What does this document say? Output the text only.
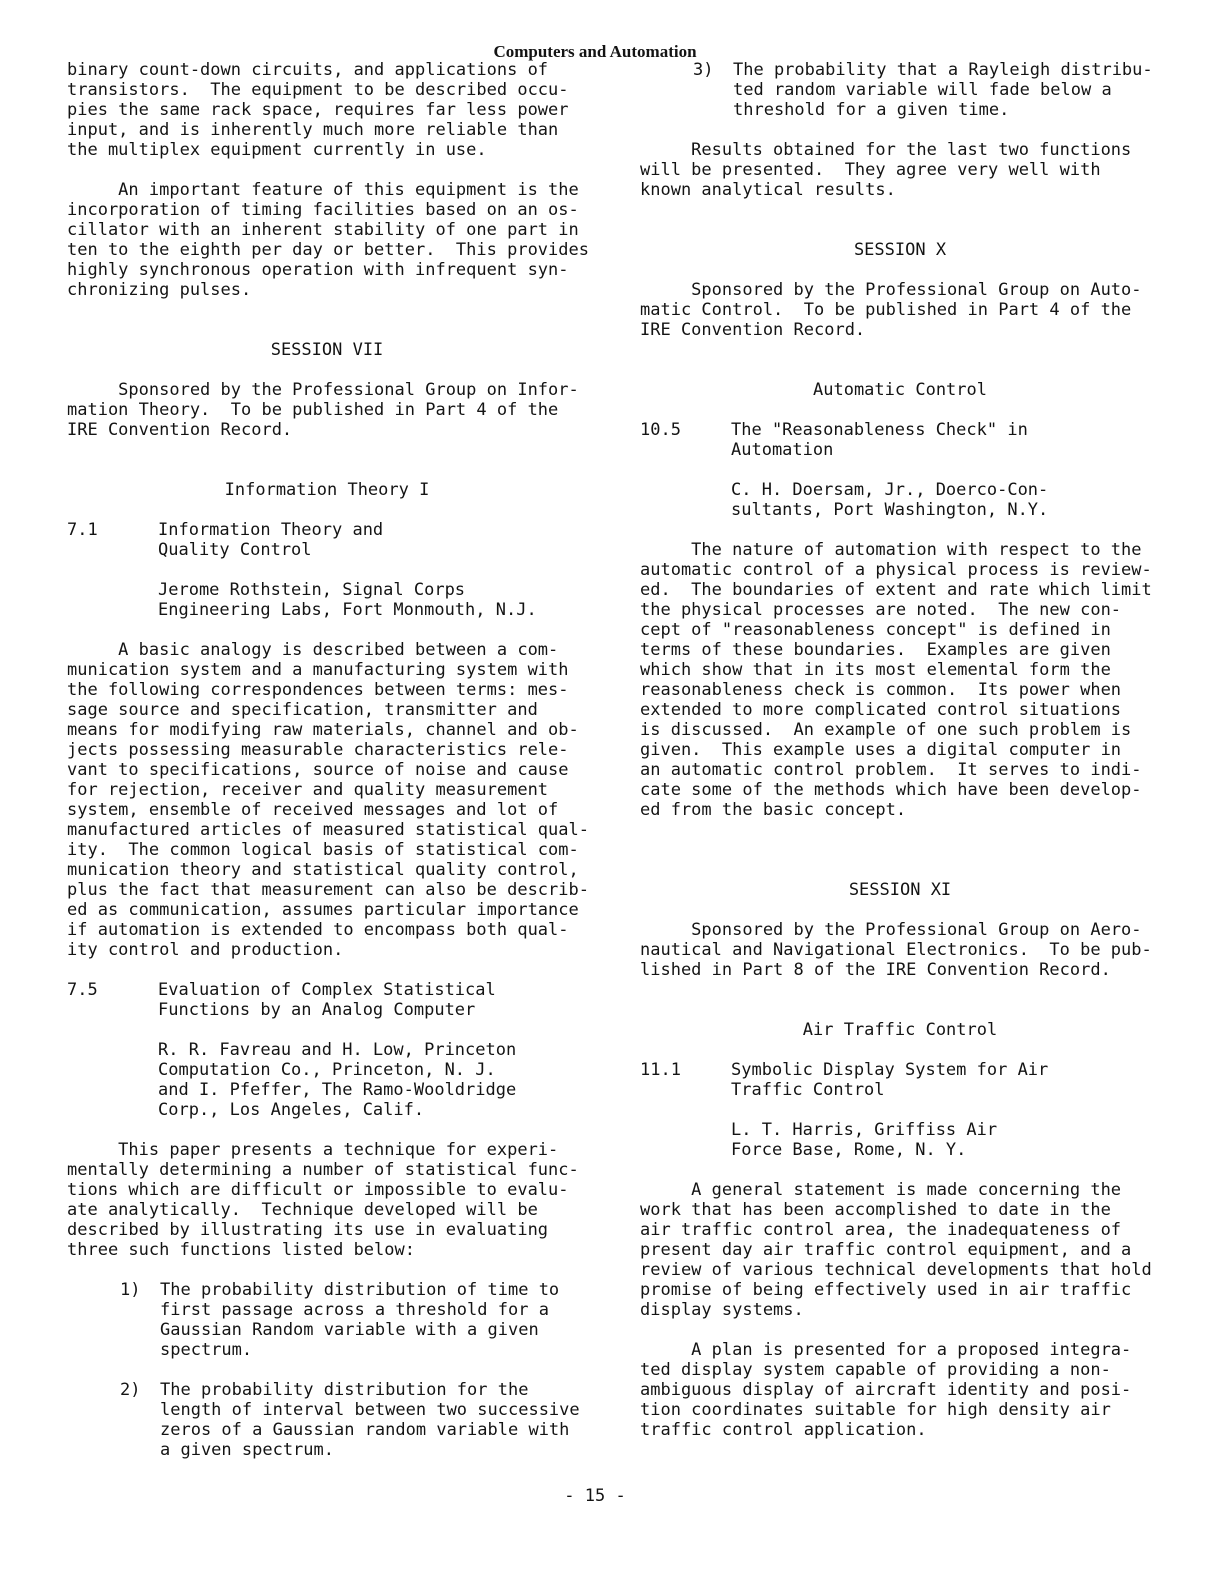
Computers and Automation

binary count-down circuits, and applications of
transistors.  The equipment to be described occu-
pies the same rack space, requires far less power
input, and is inherently much more reliable than
the multiplex equipment currently in use.

An important feature of this equipment is the
incorporation of timing facilities based on an os-
cillator with an inherent stability of one part in
ten to the eighth per day or better.  This provides
highly synchronous operation with infrequent syn-
chronizing pulses.

SESSION VII

Sponsored by the Professional Group on Infor-
mation Theory.  To be published in Part 4 of the
IRE Convention Record.

Information Theory I

7.1	Information Theory and
Quality Control

Jerome Rothstein, Signal Corps
Engineering Labs, Fort Monmouth, N.J.

A basic analogy is described between a com-
munication system and a manufacturing system with
the following correspondences between terms: mes-
sage source and specification, transmitter and
means for modifying raw materials, channel and ob-
jects possessing measurable characteristics rele-
vant to specifications, source of noise and cause
for rejection, receiver and quality measurement
system, ensemble of received messages and lot of
manufactured articles of measured statistical qual-
ity.  The common logical basis of statistical com-
munication theory and statistical quality control,
plus the fact that measurement can also be describ-
ed as communication, assumes particular importance
if automation is extended to encompass both qual-
ity control and production.

7.5	Evaluation of Complex Statistical
Functions by an Analog Computer

R. R. Favreau and H. Low, Princeton
Computation Co., Princeton, N. J.
and I. Pfeffer, The Ramo-Wooldridge
Corp., Los Angeles, Calif.

This paper presents a technique for experi-
mentally determining a number of statistical func-
tions which are difficult or impossible to evalu-
ate analytically.  Technique developed will be
described by illustrating its use in evaluating
three such functions listed below:

1)	The probability distribution of time to
first passage across a threshold for a
Gaussian Random variable with a given
spectrum.

2)	The probability distribution for the
length of interval between two successive
zeros of a Gaussian random variable with
a given spectrum.

3)	The probability that a Rayleigh distribu-
ted random variable will fade below a
threshold for a given time.

Results obtained for the last two functions
will be presented.  They agree very well with
known analytical results.

SESSION X

Sponsored by the Professional Group on Auto-
matic Control.  To be published in Part 4 of the
IRE Convention Record.

Automatic Control

10.5	The "Reasonableness Check" in
Automation

C. H. Doersam, Jr., Doerco-Con-
sultants, Port Washington, N.Y.

The nature of automation with respect to the
automatic control of a physical process is review-
ed.  The boundaries of extent and rate which limit
the physical processes are noted.  The new con-
cept of "reasonableness concept" is defined in
terms of these boundaries.  Examples are given
which show that in its most elemental form the
reasonableness check is common.  Its power when
extended to more complicated control situations
is discussed.  An example of one such problem is
given.  This example uses a digital computer in
an automatic control problem.  It serves to indi-
cate some of the methods which have been develop-
ed from the basic concept.

SESSION XI

Sponsored by the Professional Group on Aero-
nautical and Navigational Electronics.  To be pub-
lished in Part 8 of the IRE Convention Record.

Air Traffic Control

11.1	Symbolic Display System for Air
Traffic Control

L. T. Harris, Griffiss Air
Force Base, Rome, N. Y.

A general statement is made concerning the
work that has been accomplished to date in the
air traffic control area, the inadequateness of
present day air traffic control equipment, and a
review of various technical developments that hold
promise of being effectively used in air traffic
display systems.

A plan is presented for a proposed integra-
ted display system capable of providing a non-
ambiguous display of aircraft identity and posi-
tion coordinates suitable for high density air
traffic control application.

- 15 -
